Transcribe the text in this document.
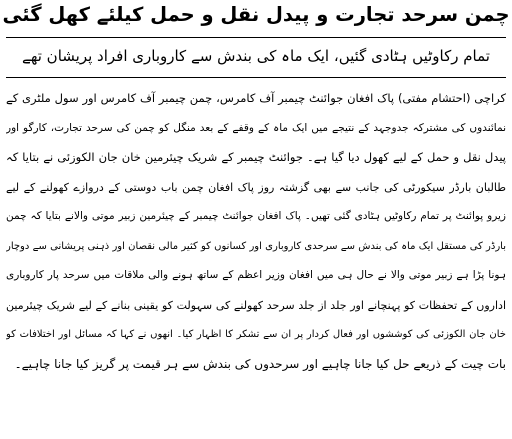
چمن سرحد تجارت و پیدل نقل و حمل کیلئے کھل گئی
تمام رکاوٹیں ہٹادی گئیں، ایک ماہ کی بندش سے کاروباری افراد پریشان تھے
کراچی (احتشام مفتی) پاک افغان جوائنٹ چیمبر آف کامرس، چمن چیمبر آف کامرس اور سول ملٹری کے
نمائندوں کی مشترکہ جدوجہد کے نتیجے میں ایک ماہ کے وقفے کے بعد منگل کو چمن کی سرحد تجارت، کارگو اور
پیدل نقل و حمل کے لیے کھول دیا گیا ہے۔ جوائنٹ چیمبر کے شریک چیئرمین خان جان الکوزئی نے بتایا کہ
طالبان بارڈر سیکورٹی کی جانب سے بھی گزشتہ روز پاک افغان چمن باب دوستی کے دروازے کھولنے کے لیے
زیرو پوائنٹ پر تمام رکاوٹیں ہٹادی گئی تھیں۔ پاک افغان جوائنٹ چیمبر کے چیئرمین زبیر موتی والانے بتایا کہ چمن
بارڈر کی مستقل ایک ماہ کی بندش سے سرحدی کاروباری اور کسانوں کو کثیر مالی نقصان اور ذہنی پریشانی سے دوچار
ہونا پڑا ہے زبیر موتی والا نے حال ہی میں افغان وزیر اعظم کے ساتھ ہونے والی ملاقات میں سرحد پار کاروباری
اداروں کے تحفظات کو پہنچانے اور جلد از جلد سرحد کھولنے کی سہولت کو یقینی بنانے کے لیے شریک چیئرمین
خان جان الکوزئی کی کوششوں اور فعال کردار پر ان سے تشکر کا اظہار کیا۔ انھوں نے کہا کہ مسائل اور اختلافات کو
بات چیت کے ذریعے حل کیا جانا چاہیے اور سرحدوں کی بندش سے ہر قیمت پر گریز کیا جانا چاہیے۔
